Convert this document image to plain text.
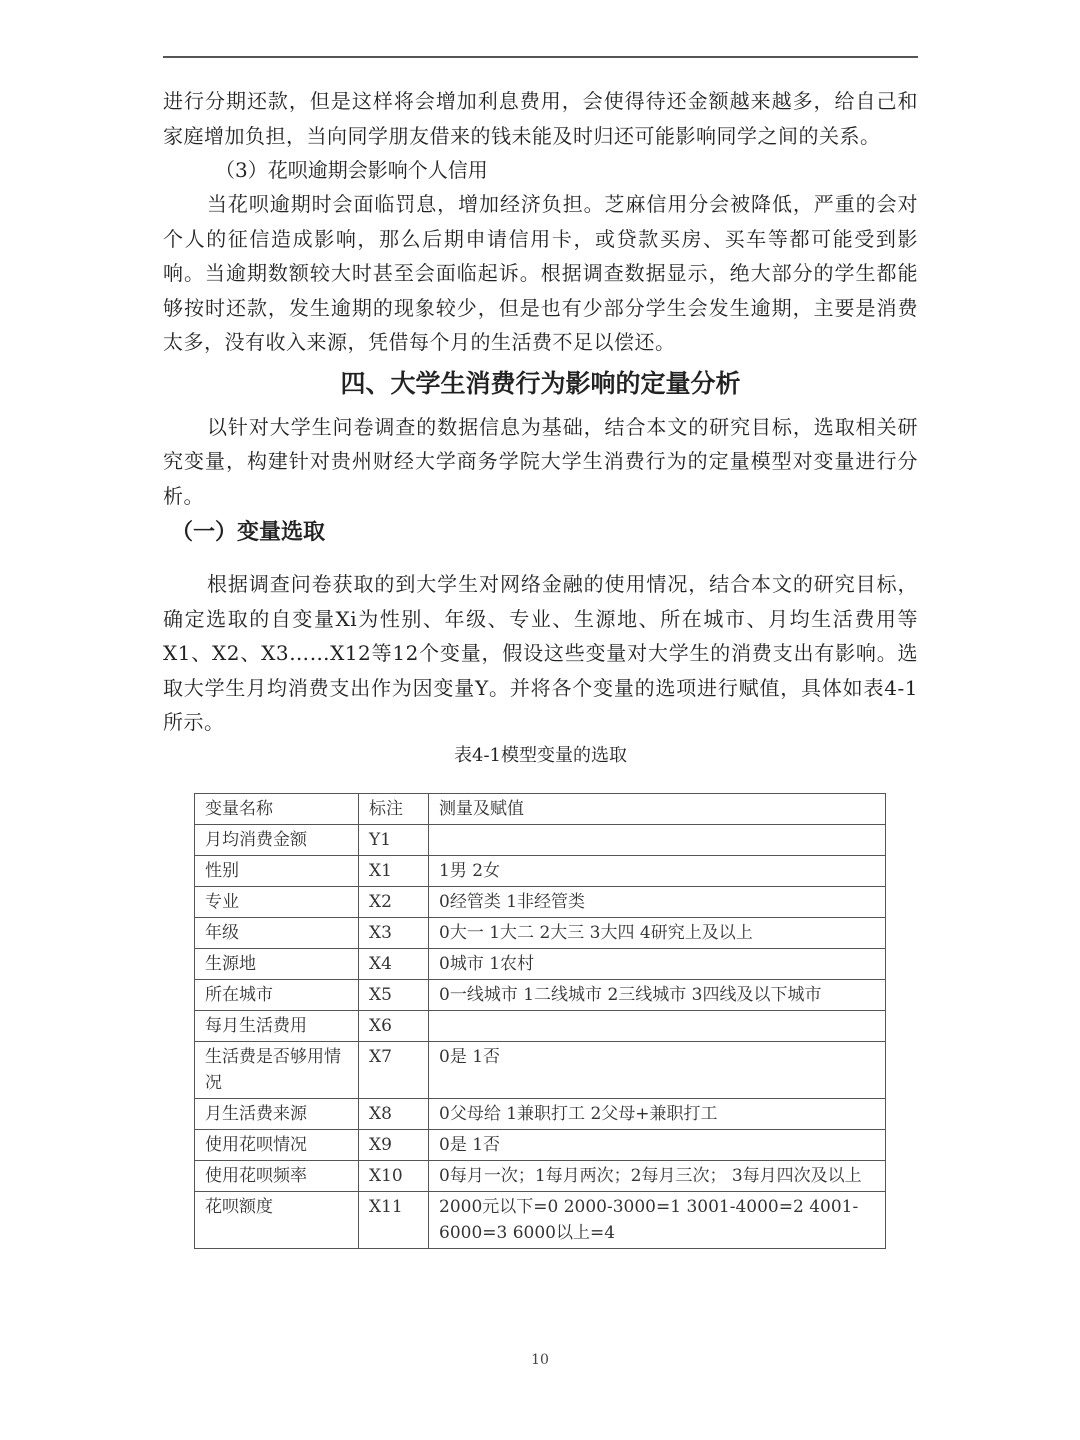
进行分期还款，但是这样将会增加利息费用，会使得待还金额越来越多，给自己和家庭增加负担，当向同学朋友借来的钱未能及时归还可能影响同学之间的关系。

（3）花呗逾期会影响个人信用

当花呗逾期时会面临罚息，增加经济负担。芝麻信用分会被降低，严重的会对个人的征信造成影响，那么后期申请信用卡，或贷款买房、买车等都可能受到影响。当逾期数额较大时甚至会面临起诉。根据调查数据显示，绝大部分的学生都能够按时还款，发生逾期的现象较少，但是也有少部分学生会发生逾期，主要是消费太多，没有收入来源，凭借每个月的生活费不足以偿还。

四、大学生消费行为影响的定量分析

以针对大学生问卷调查的数据信息为基础，结合本文的研究目标，选取相关研究变量，构建针对贵州财经大学商务学院大学生消费行为的定量模型对变量进行分析。

（一）变量选取

根据调查问卷获取的到大学生对网络金融的使用情况，结合本文的研究目标，确定选取的自变量Xi为性别、年级、专业、生源地、所在城市、月均生活费用等X1、X2、X3……X12等12个变量，假设这些变量对大学生的消费支出有影响。选取大学生月均消费支出作为因变量Y。并将各个变量的选项进行赋值，具体如表4-1所示。

表4-1模型变量的选取
变量名称	标注	测量及赋值
月均消费金额	Y1	
性别	X1	1男 2女
专业	X2	0经管类 1非经管类
年级	X3	0大一 1大二 2大三 3大四 4研究上及以上
生源地	X4	0城市 1农村
所在城市	X5	0一线城市 1二线城市 2三线城市 3四线及以下城市
每月生活费用	X6	
生活费是否够用情况	X7	0是 1否
月生活费来源	X8	0父母给 1兼职打工 2父母+兼职打工
使用花呗情况	X9	0是 1否
使用花呗频率	X10	0每月一次；1每月两次；2每月三次； 3每月四次及以上
花呗额度	X11	2000元以下=0 2000-3000=1 3001-4000=2 4001-6000=3 6000以上=4
10
